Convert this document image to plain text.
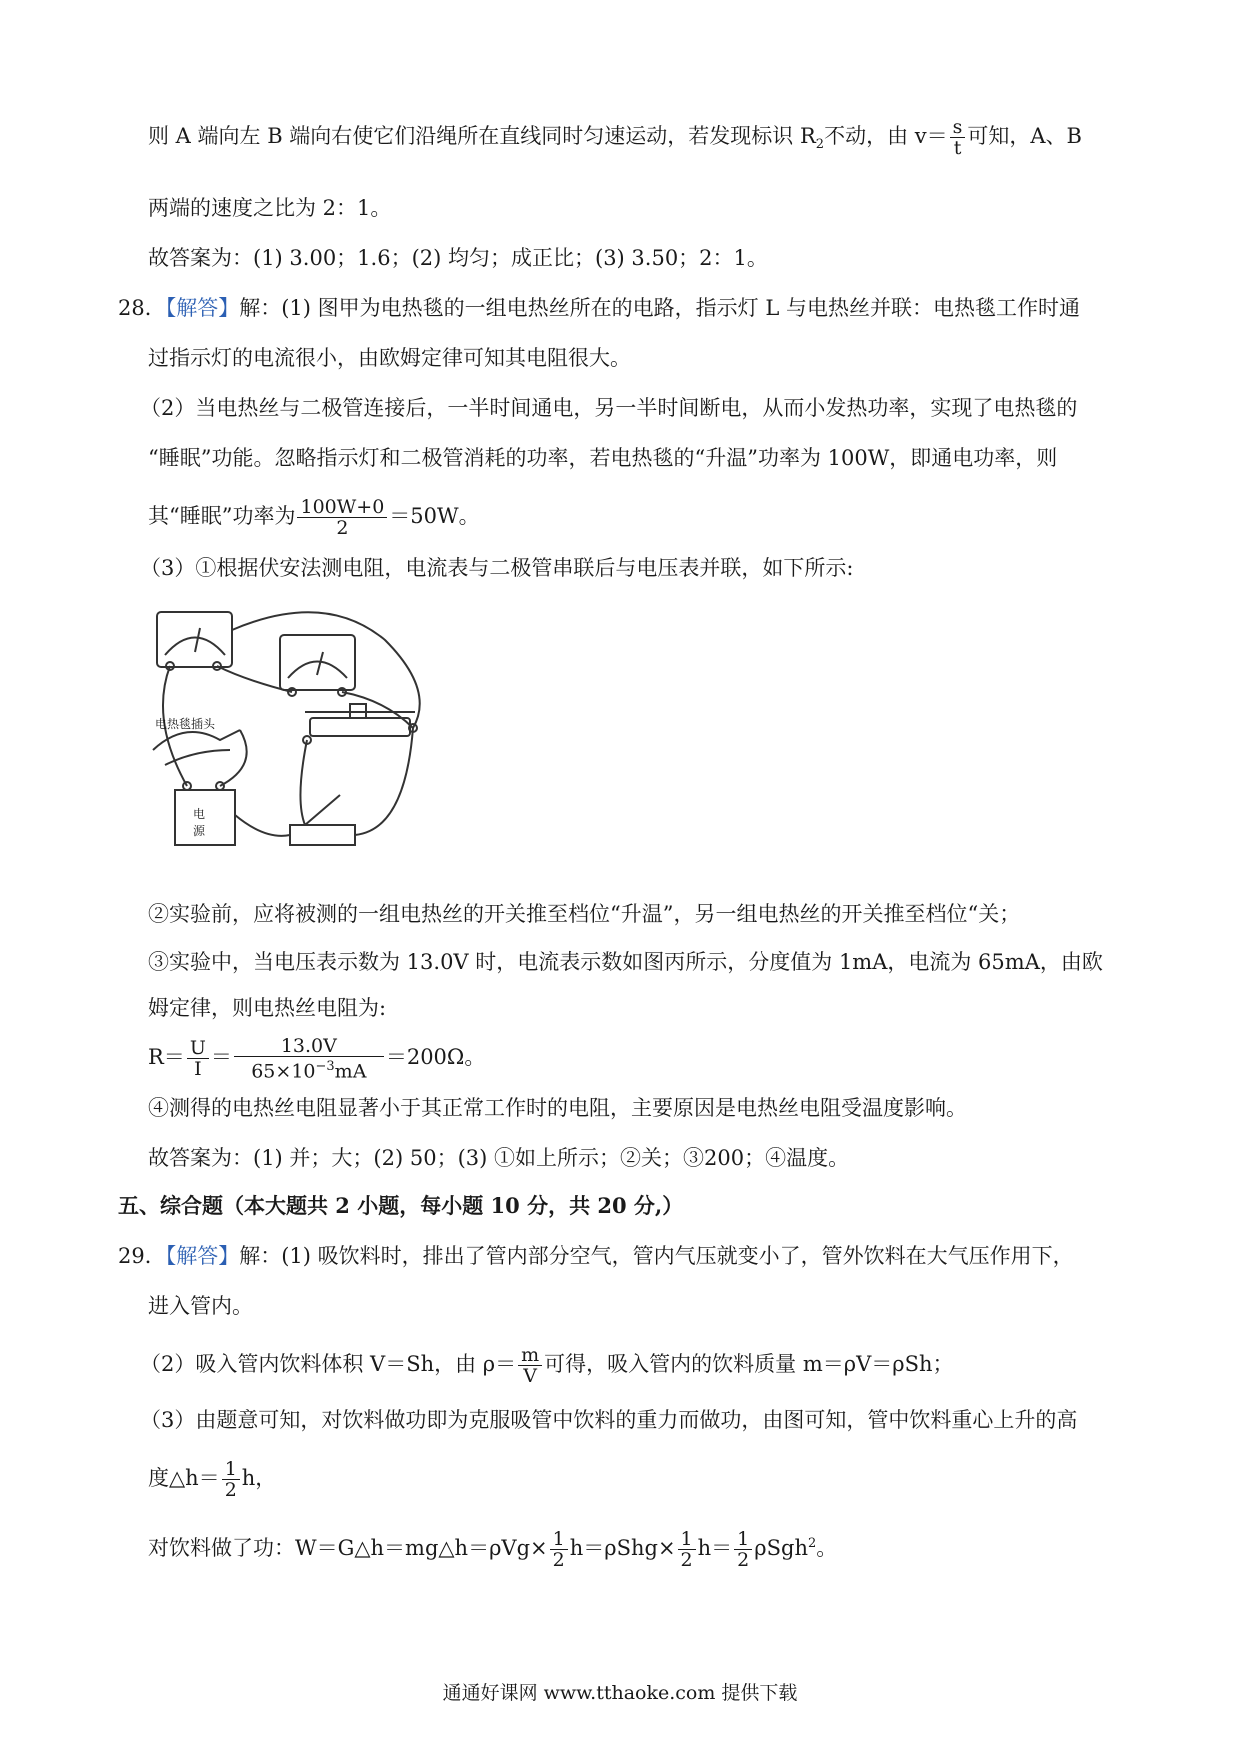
则 A 端向左 B 端向右使它们沿绳所在直线同时匀速运动，若发现标识 $R_2$不动，由 $v= \frac{s}{t}$ 可知，A、B
两端的速度之比为 2：1。
故答案为：(1) 3.00；1.6；(2) 均匀；成正比；(3) 3.50；2：1。
28．【解答】解：(1) 图甲为电热毯的一组电热丝所在的电路，指示灯 L 与电热丝并联：电热毯工作时通
过指示灯的电流很小，由欧姆定律可知其电阻很大。
（2）当电热丝与二极管连接后，一半时间通电，另一半时间断电，从而小发热功率，实现了电热毯的
“睡眠”功能。忽略指示灯和二极管消耗的功率，若电热毯的“升温”功率为 100W，即通电功率，则
其“睡眠”功率为 $\frac{100W+0}{2} =50W$。
（3）①根据伏安法测电阻，电流表与二极管串联后与电压表并联，如下所示:
电热毯插头
电
源
②实验前，应将被测的一组电热丝的开关推至档位“升温”，另一组电热丝的开关推至档位“关；
③实验中，当电压表示数为 13.0V 时，电流表示数如图丙所示，分度值为 1mA，电流为 65mA，由欧
姆定律，则电热丝电阻为:
$R= \frac{U}{I} = \frac{13.0V}{65\times 10^{-3}mA} =200\Omega$。
④测得的电热丝电阻显著小于其正常工作时的电阻，主要原因是电热丝电阻受温度影响。
故答案为：(1) 并；大；(2) 50；(3) ①如上所示；②关；③200；④温度。
五、综合题（本大题共 2 小题，每小题 10 分，共 20 分,）
29．【解答】解：(1) 吸饮料时，排出了管内部分空气，管内气压就变小了，管外饮料在大气压作用下，
进入管内。
（2）吸入管内饮料体积 V＝Sh，由 $\rho= \frac{m}{V}$ 可得，吸入管内的饮料质量 m＝ρV＝ρSh；
（3）由题意可知，对饮料做功即为克服吸管中饮料的重力而做功，由图可知，管中饮料重心上升的高
度△h＝ $\frac{1}{2}$ h，
对饮料做了功：W＝G△h＝mg△h＝ρVg× $\frac{1}{2} h=\rho Shg\times \frac{1}{2} h= \frac{1}{2} \rho Sgh^2$。
通通好课网 www.tthaoke.com 提供下载
